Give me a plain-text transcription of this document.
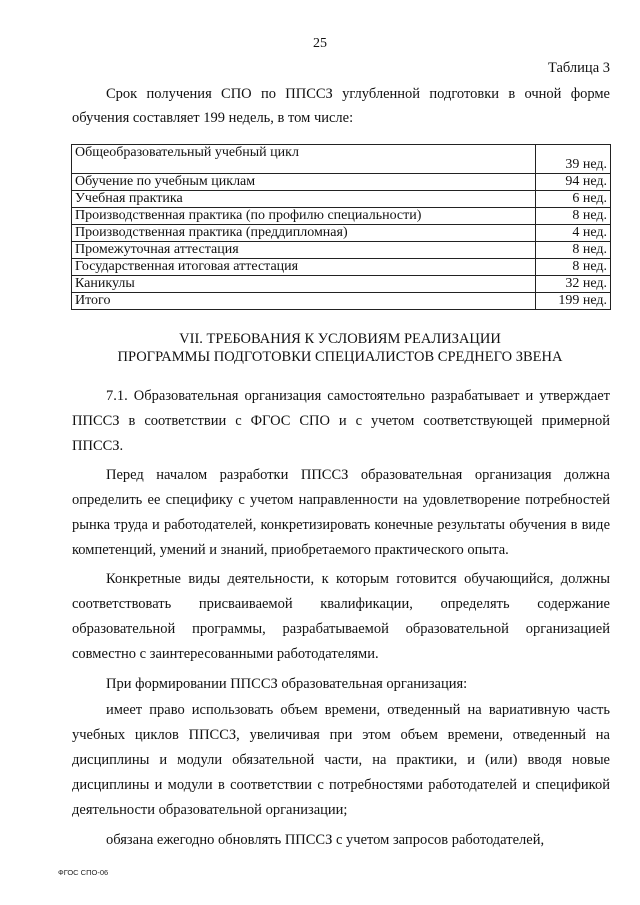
25
Таблица 3

Срок получения СПО по ППССЗ углубленной подготовки в очной форме обучения составляет 199 недель, в том числе:

Общеобразовательный учебный цикл	39 нед.
Обучение по учебным циклам	94 нед.
Учебная практика	6 нед.
Производственная практика (по профилю специальности)	8 нед.
Производственная практика (преддипломная)	4 нед.
Промежуточная аттестация	8 нед.
Государственная итоговая аттестация	8 нед.
Каникулы	32 нед.
Итого	199 нед.
VII. ТРЕБОВАНИЯ К УСЛОВИЯМ РЕАЛИЗАЦИИ
ПРОГРАММЫ ПОДГОТОВКИ СПЕЦИАЛИСТОВ СРЕДНЕГО ЗВЕНА

7.1. Образовательная организация самостоятельно разрабатывает и утверждает ППССЗ в соответствии с ФГОС СПО и с учетом соответствующей примерной ППССЗ.

Перед началом разработки ППССЗ образовательная организация должна определить ее специфику с учетом направленности на удовлетворение потребностей рынка труда и работодателей, конкретизировать конечные результаты обучения в виде компетенций, умений и знаний, приобретаемого практического опыта.

Конкретные виды деятельности, к которым готовится обучающийся, должны соответствовать присваиваемой квалификации, определять содержание образовательной программы, разрабатываемой образовательной организацией совместно с заинтересованными работодателями.

При формировании ППССЗ образовательная организация:

имеет право использовать объем времени, отведенный на вариативную часть учебных циклов ППССЗ, увеличивая при этом объем времени, отведенный на дисциплины и модули обязательной части, на практики, и (или) вводя новые дисциплины и модули в соответствии с потребностями работодателей и спецификой деятельности образовательной организации;

обязана ежегодно обновлять ППССЗ с учетом запросов работодателей,

ФГОС СПО-06
